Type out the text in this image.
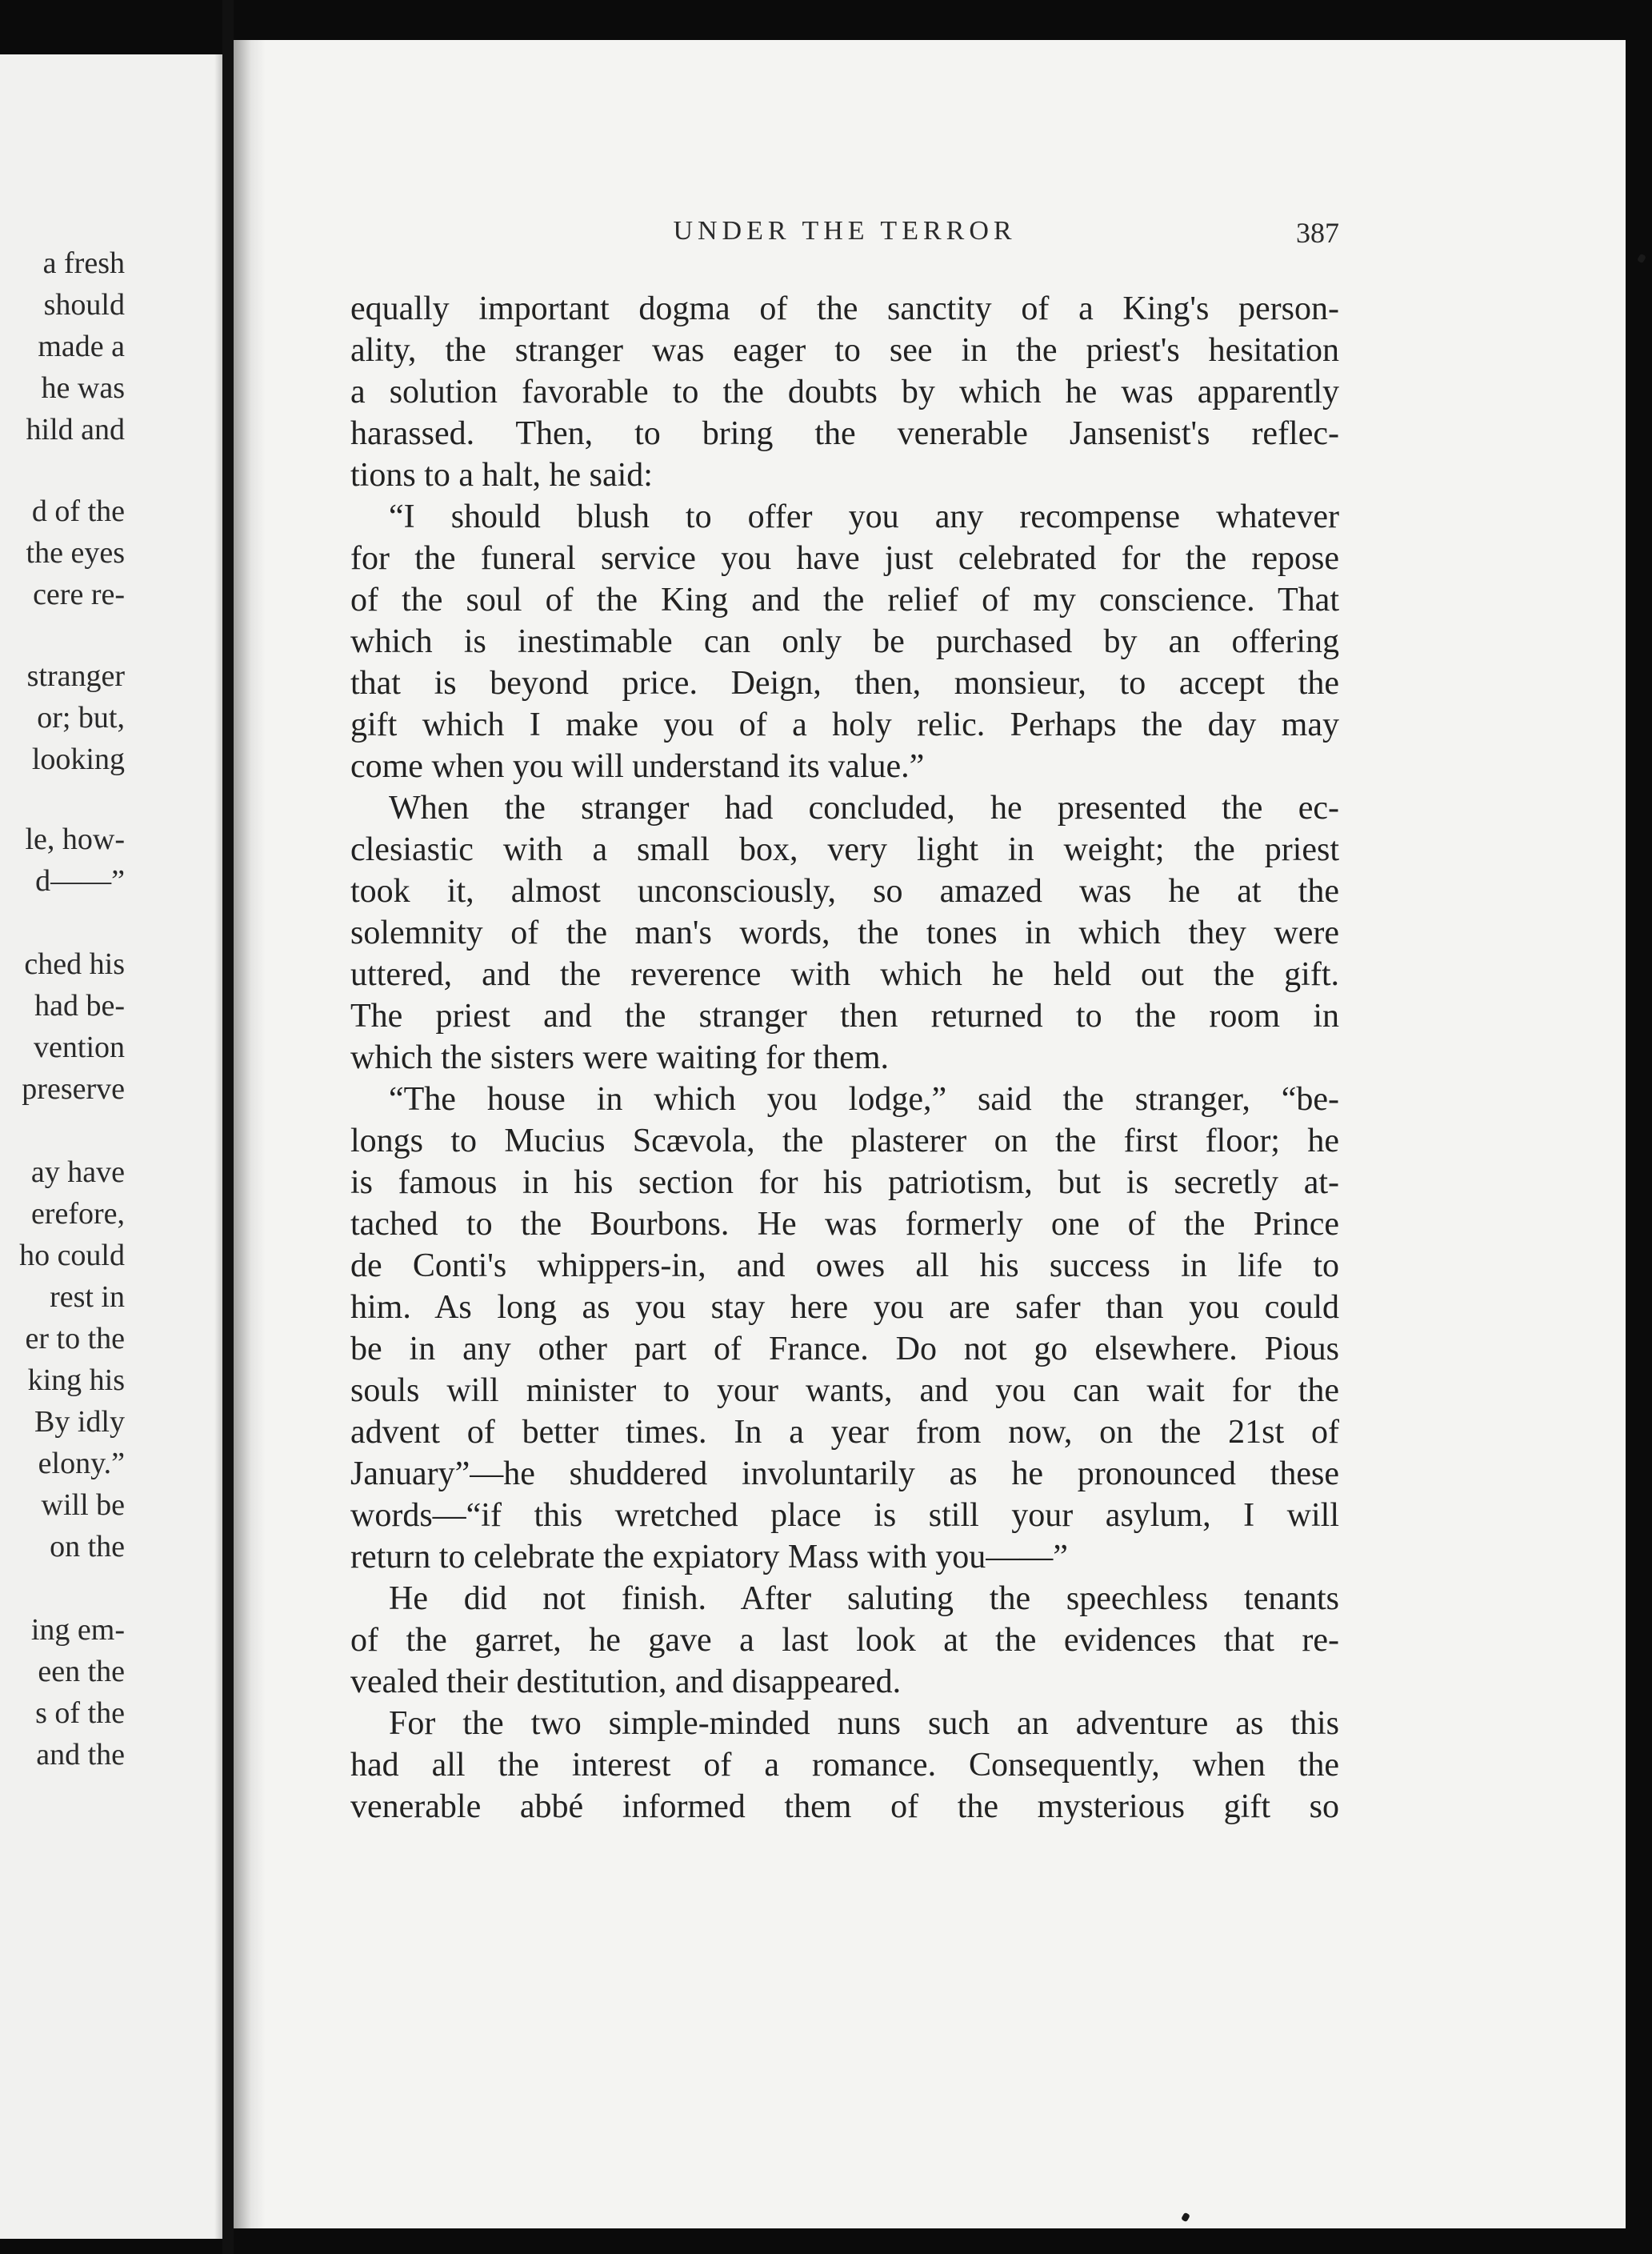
a fresh
should
made a
he was
hild and
d of the
the eyes
cere re-
stranger
or; but,
looking
le, how-
d——”
ched his
had be-
vention
preserve
ay have
erefore,
ho could
rest in
er to the
king his
By idly
elony.”
will be
on the
ing em-
een the
s of the
and the
UNDER THE TERROR	387
equally important dogma of the sanctity of a King's person-
ality, the stranger was eager to see in the priest's hesitation
a solution favorable to the doubts by which he was apparently
harassed. Then, to bring the venerable Jansenist's reflec-
tions to a halt, he said:
“I should blush to offer you any recompense whatever
for the funeral service you have just celebrated for the repose
of the soul of the King and the relief of my conscience. That
which is inestimable can only be purchased by an offering
that is beyond price. Deign, then, monsieur, to accept the
gift which I make you of a holy relic. Perhaps the day may
come when you will understand its value.”
When the stranger had concluded, he presented the ec-
clesiastic with a small box, very light in weight; the priest
took it, almost unconsciously, so amazed was he at the
solemnity of the man's words, the tones in which they were
uttered, and the reverence with which he held out the gift.
The priest and the stranger then returned to the room in
which the sisters were waiting for them.
“The house in which you lodge,” said the stranger, “be-
longs to Mucius Scævola, the plasterer on the first floor; he
is famous in his section for his patriotism, but is secretly at-
tached to the Bourbons. He was formerly one of the Prince
de Conti's whippers-in, and owes all his success in life to
him. As long as you stay here you are safer than you could
be in any other part of France. Do not go elsewhere. Pious
souls will minister to your wants, and you can wait for the
advent of better times. In a year from now, on the 21st of
January”—he shuddered involuntarily as he pronounced these
words—“if this wretched place is still your asylum, I will
return to celebrate the expiatory Mass with you——”
He did not finish. After saluting the speechless tenants
of the garret, he gave a last look at the evidences that re-
vealed their destitution, and disappeared.
For the two simple-minded nuns such an adventure as this
had all the interest of a romance. Consequently, when the
venerable abbé informed them of the mysterious gift so
